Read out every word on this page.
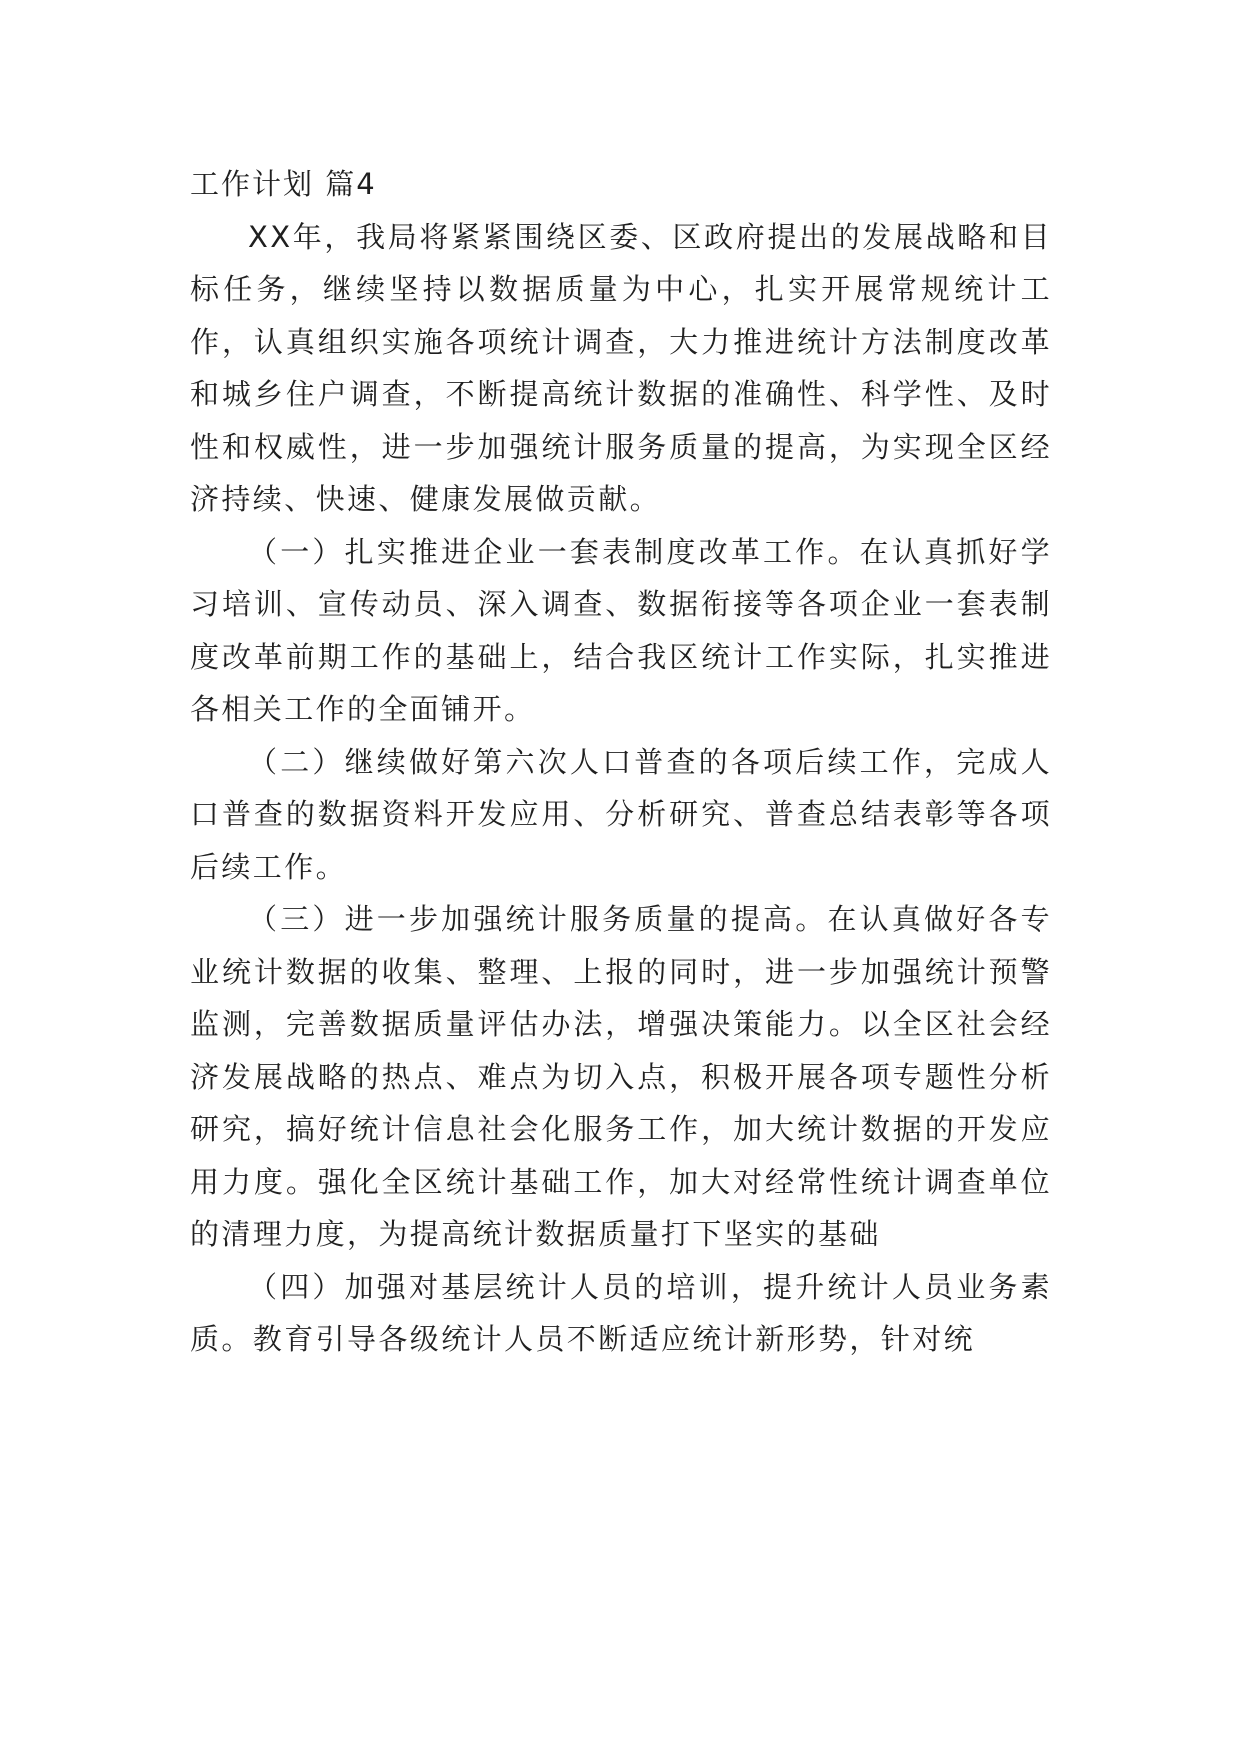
工作计划 篇4

XX年，我局将紧紧围绕区委、区政府提出的发展战略和目标任务，继续坚持以数据质量为中心，扎实开展常规统计工作，认真组织实施各项统计调查，大力推进统计方法制度改革和城乡住户调查，不断提高统计数据的准确性、科学性、及时性和权威性，进一步加强统计服务质量的提高，为实现全区经济持续、快速、健康发展做贡献。

（一）扎实推进企业一套表制度改革工作。在认真抓好学习培训、宣传动员、深入调查、数据衔接等各项企业一套表制度改革前期工作的基础上，结合我区统计工作实际，扎实推进各相关工作的全面铺开。

（二）继续做好第六次人口普查的各项后续工作，完成人口普查的数据资料开发应用、分析研究、普查总结表彰等各项后续工作。

（三）进一步加强统计服务质量的提高。在认真做好各专业统计数据的收集、整理、上报的同时，进一步加强统计预警监测，完善数据质量评估办法，增强决策能力。以全区社会经济发展战略的热点、难点为切入点，积极开展各项专题性分析研究，搞好统计信息社会化服务工作，加大统计数据的开发应用力度。强化全区统计基础工作，加大对经常性统计调查单位的清理力度，为提高统计数据质量打下坚实的基础

（四）加强对基层统计人员的培训，提升统计人员业务素质。教育引导各级统计人员不断适应统计新形势，针对统
